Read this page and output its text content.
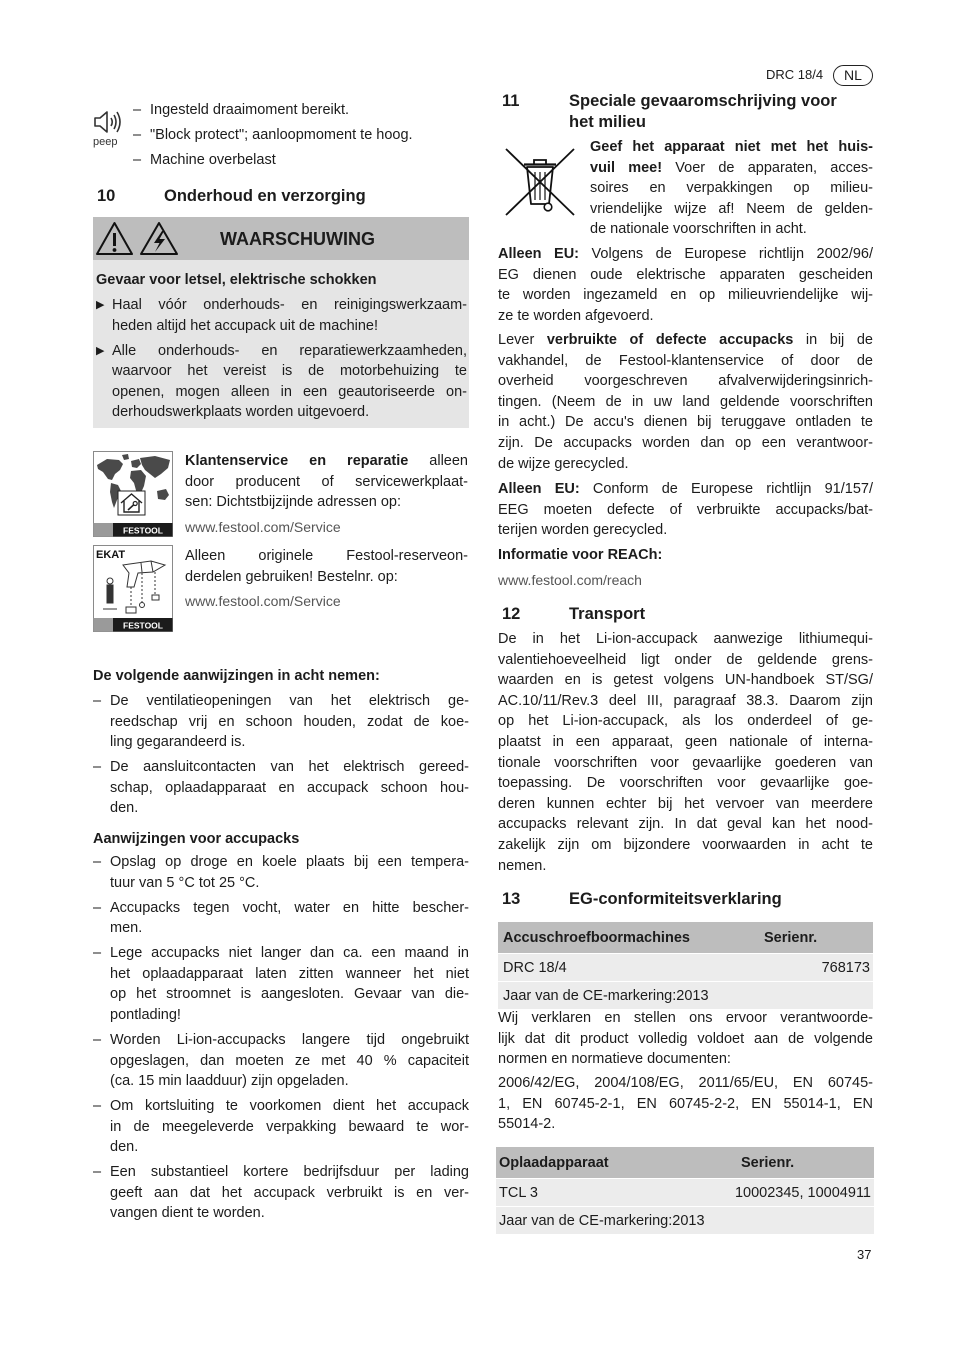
DRC 18/4	NL
peep
– Ingesteld draaimoment bereikt.
– "Block protect"; aanloopmoment te hoog.
– Machine overbelast
10	Onderhoud en verzorging
WAARSCHUWING
Gevaar voor letsel, elektrische schokken
▶ Haal vóór onderhouds- en reinigingswerkzaam-
heden altijd het accupack uit de machine!
▶ Alle onderhouds- en reparatiewerkzaamheden,
waarvoor het vereist is de motorbehuizing te
openen, mogen alleen in een geautoriseerde on-
derhoudswerkplaats worden uitgevoerd.
FESTOOL
Klantenservice en reparatie alleen
door producent of servicewerkplaat-
sen: Dichtstbijzijnde adressen op:
www.festool.com/Service
EKAT
FESTOOL
Alleen originele Festool-reserveon-
derdelen gebruiken! Bestelnr. op:
www.festool.com/Service
De volgende aanwijzingen in acht nemen:
– De ventilatieopeningen van het elektrisch ge-
reedschap vrij en schoon houden, zodat de koe-
ling gegarandeerd is.
– De aansluitcontacten van het elektrisch gereed-
schap, oplaadapparaat en accupack schoon hou-
den.
Aanwijzingen voor accupacks
– Opslag op droge en koele plaats bij een tempera-
tuur van 5 °C tot 25 °C.
– Accupacks tegen vocht, water en hitte bescher-
men.
– Lege accupacks niet langer dan ca. een maand in
het oplaadapparaat laten zitten wanneer het niet
op het stroomnet is aangesloten. Gevaar van die-
pontlading!
– Worden Li-ion-accupacks langere tijd ongebruikt
opgeslagen, dan moeten ze met 40 % capaciteit
(ca. 15 min laadduur) zijn opgeladen.
– Om kortsluiting te voorkomen dient het accupack
in de meegeleverde verpakking bewaard te wor-
den.
– Een substantieel kortere bedrijfsduur per lading
geeft aan dat het accupack verbruikt is en ver-
vangen dient te worden.
11	Speciale gevaaromschrijving voor
het milieu
Geef het apparaat niet met het huis-
vuil mee! Voer de apparaten, acces-
soires en verpakkingen op milieu-
vriendelijke wijze af! Neem de gelden-
de nationale voorschriften in acht.
Alleen EU: Volgens de Europese richtlijn 2002/96/
EG dienen oude elektrische apparaten gescheiden
te worden ingezameld en op milieuvriendelijke wij-
ze te worden afgevoerd.
Lever verbruikte of defecte accupacks in bij de
vakhandel, de Festool-klantenservice of door de
overheid voorgeschreven afvalverwijderingsinrich-
tingen. (Neem de in uw land geldende voorschriften
in acht.) De accu's dienen bij teruggave ontladen te
zijn. De accupacks worden dan op een verantwoor-
de wijze gerecycled.
Alleen EU: Conform de Europese richtlijn 91/157/
EEG moeten defecte of verbruikte accupacks/bat-
terijen worden gerecycled.
Informatie voor REACh:
www.festool.com/reach
12	Transport
De in het Li-ion-accupack aanwezige lithiumequi-
valentiehoeveelheid ligt onder de geldende grens-
waarden en is getest volgens UN-handboek ST/SG/
AC.10/11/Rev.3 deel III, paragraaf 38.3. Daarom zijn
op het Li-ion-accupack, als los onderdeel of ge-
plaatst in een apparaat, geen nationale of interna-
tionale voorschriften voor gevaarlijke goederen van
toepassing. De voorschriften voor gevaarlijke goe-
deren kunnen echter bij het vervoer van meerdere
accupacks relevant zijn. In dat geval kan het nood-
zakelijk zijn om bijzondere voorwaarden in acht te
nemen.
13	EG-conformiteitsverklaring
Accuschroefboormachines	Serienr.
DRC 18/4	768173
Jaar van de CE-markering:2013
Wij verklaren en stellen ons ervoor verantwoorde-
lijk dat dit product volledig voldoet aan de volgende
normen en normatieve documenten:
2006/42/EG, 2004/108/EG, 2011/65/EU, EN 60745-
1, EN 60745-2-1, EN 60745-2-2, EN 55014-1, EN
55014-2.
Oplaadapparaat	Serienr.
TCL 3	10002345, 10004911
Jaar van de CE-markering:2013
37
